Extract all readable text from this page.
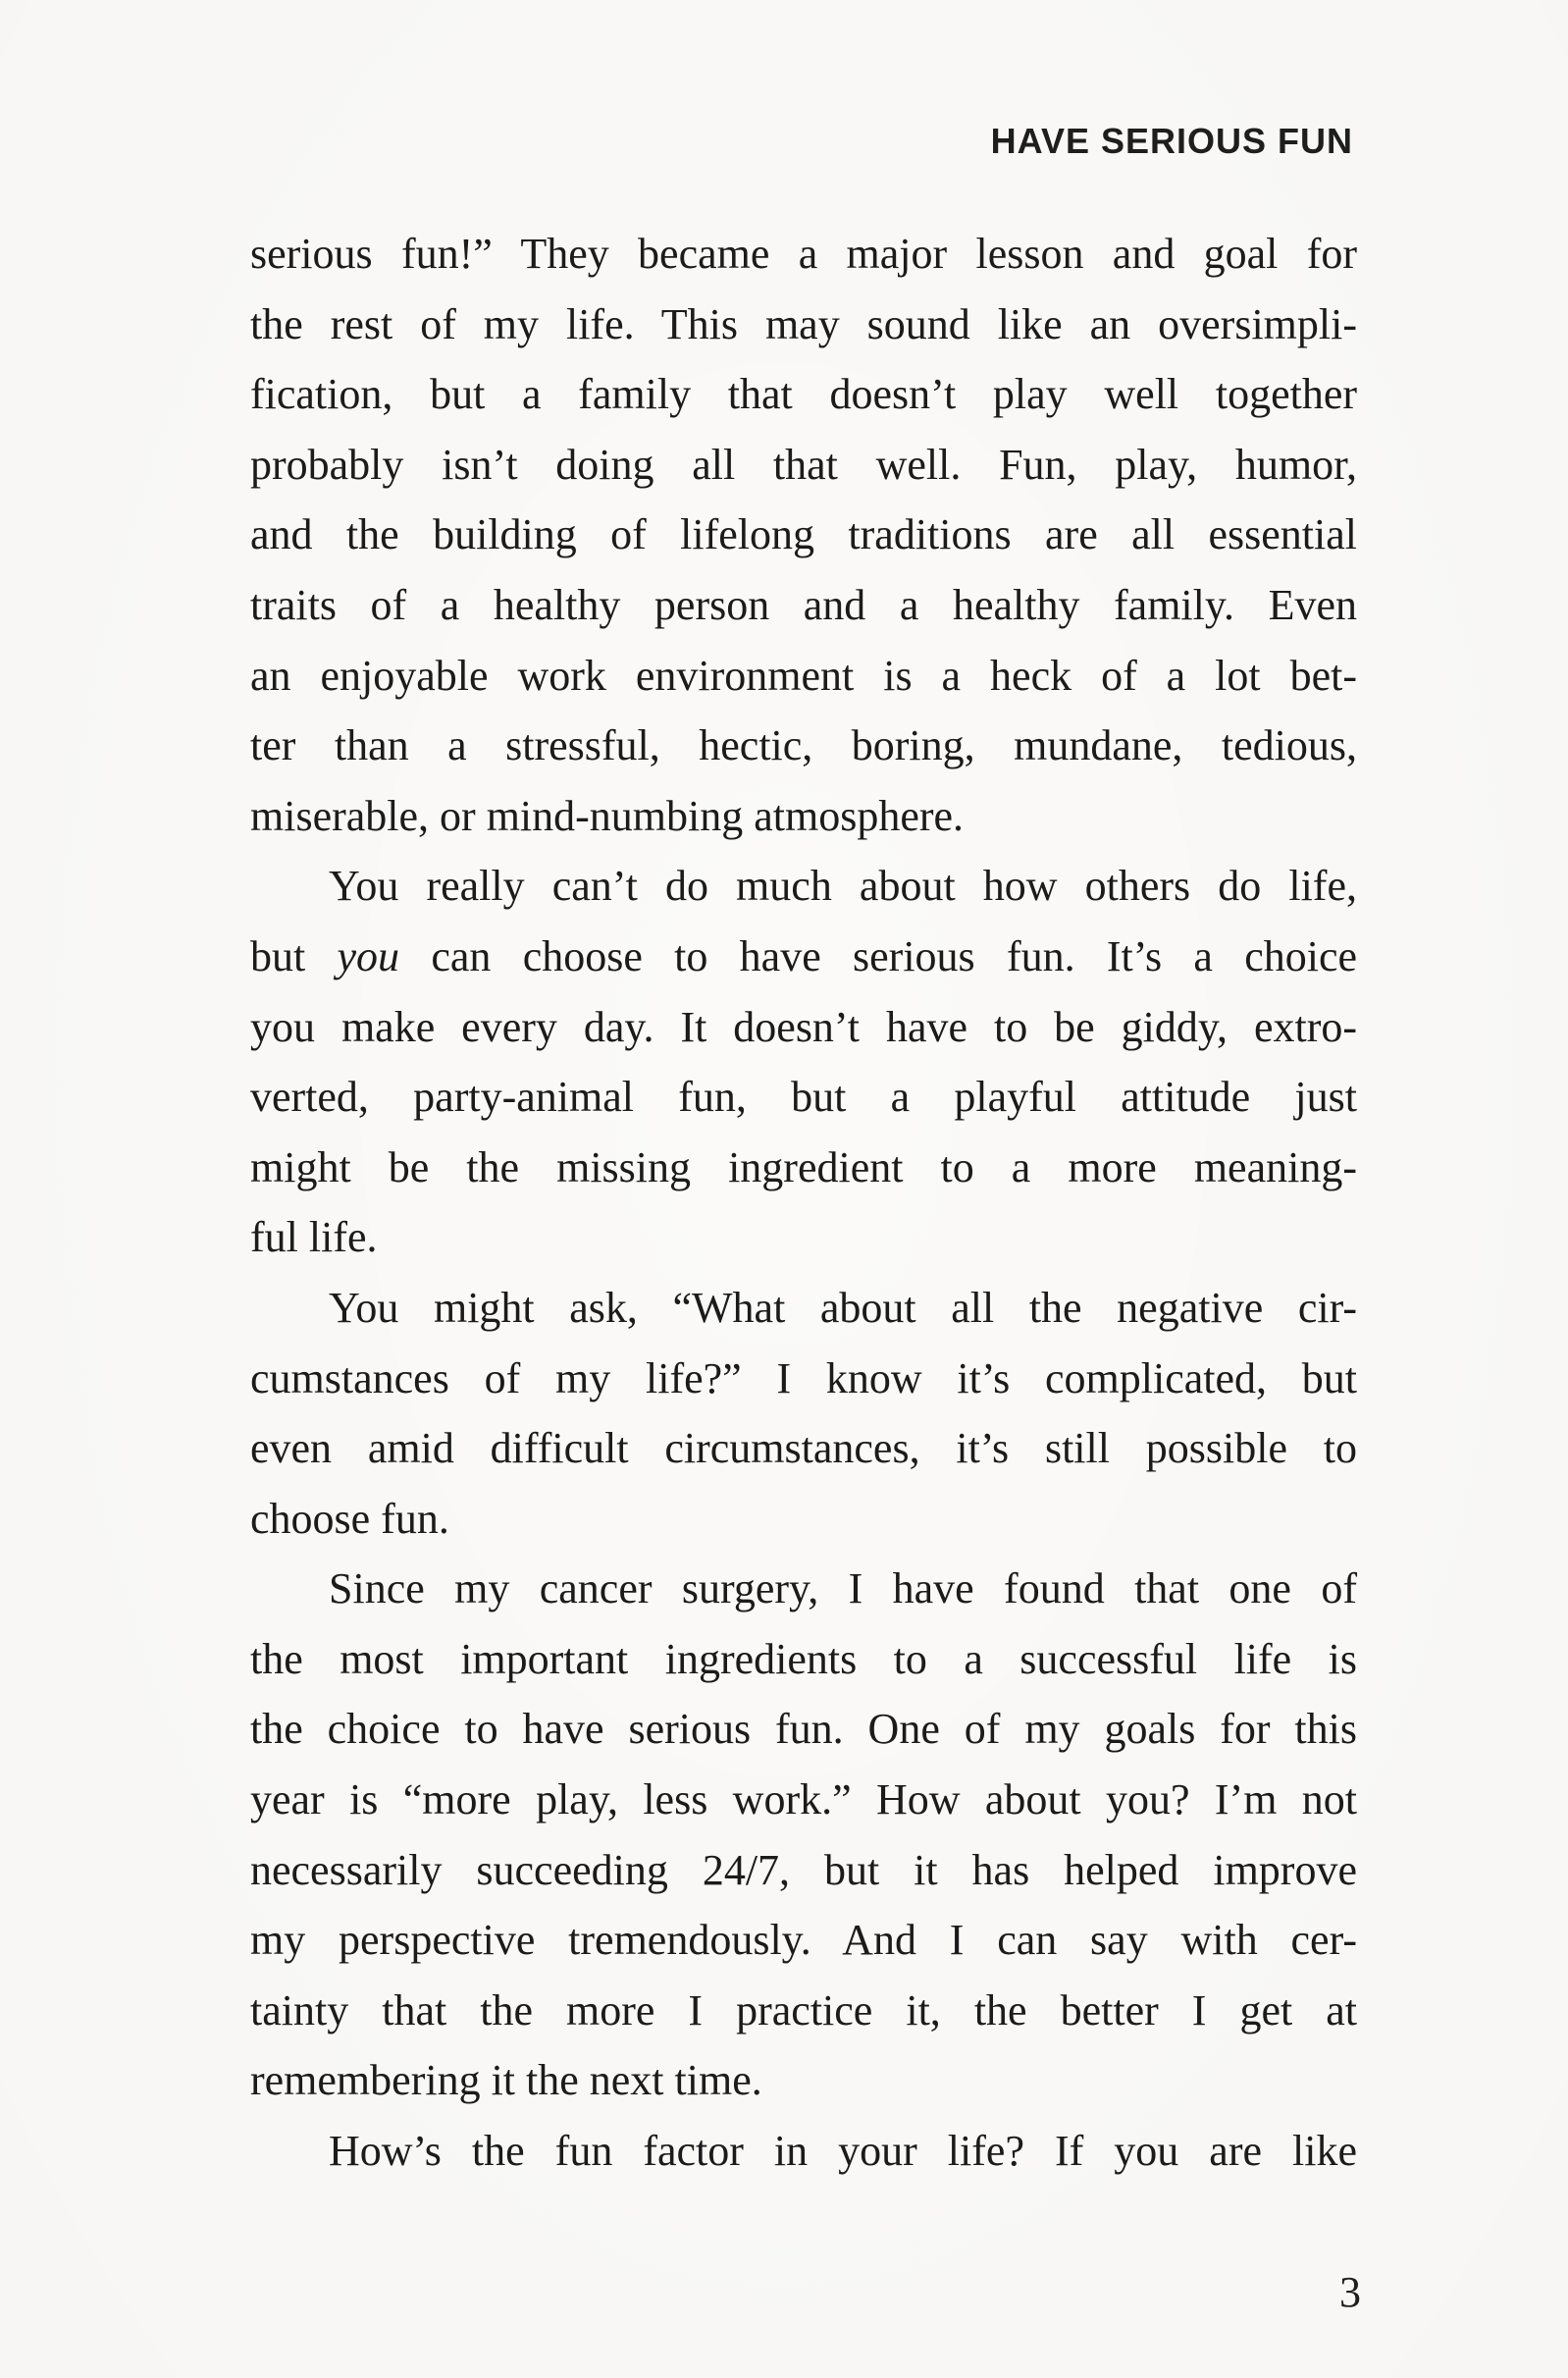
HAVE SERIOUS FUN
serious fun!” They became a major lesson and goal for
the rest of my life. This may sound like an oversimpli-
fication, but a family that doesn’t play well together
probably isn’t doing all that well. Fun, play, humor,
and the building of lifelong traditions are all essential
traits of a healthy person and a healthy family. Even
an enjoyable work environment is a heck of a lot bet-
ter than a stressful, hectic, boring, mundane, tedious,
miserable, or mind-numbing atmosphere.
You really can’t do much about how others do life,
but you can choose to have serious fun. It’s a choice
you make every day. It doesn’t have to be giddy, extro-
verted, party-animal fun, but a playful attitude just
might be the missing ingredient to a more meaning-
ful life.
You might ask, “What about all the negative cir-
cumstances of my life?” I know it’s complicated, but
even amid difficult circumstances, it’s still possible to
choose fun.
Since my cancer surgery, I have found that one of
the most important ingredients to a successful life is
the choice to have serious fun. One of my goals for this
year is “more play, less work.” How about you? I’m not
necessarily succeeding 24/7, but it has helped improve
my perspective tremendously. And I can say with cer-
tainty that the more I practice it, the better I get at
remembering it the next time.
How’s the fun factor in your life? If you are like
3
